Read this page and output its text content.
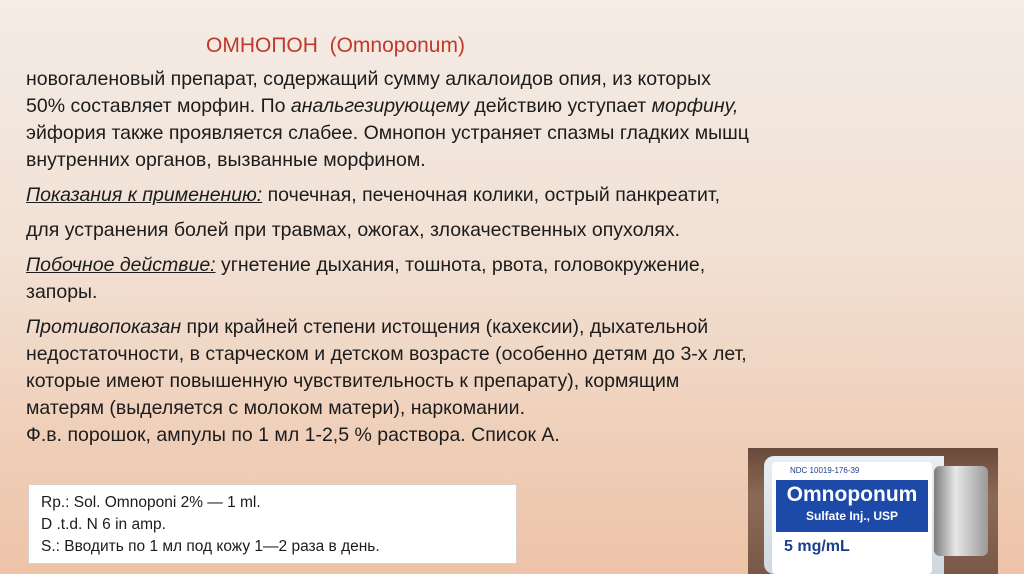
ОМНОПОН  (Omnoponum)
новогаленовый препарат, содержащий сумму алкалоидов опия, из которых
50% составляет морфин. По анальгезирующему действию уступает морфину,
эйфория также проявляется слабее. Омнопон устраняет спазмы гладких мышц
внутренних органов, вызванные морфином.
Показания к применению: почечная, печеночная колики, острый панкреатит,
для устранения болей при травмах, ожогах, злокачественных опухолях.
Побочное действие: угнетение дыхания, тошнота, рвота, головокружение,
запоры.
Противопоказан при крайней степени истощения (кахексии), дыхательной
недостаточности, в старческом и детском возрасте (особенно детям до 3-х лет,
которые имеют повышенную чувствительность к препарату), кормящим
матерям (выделяется с молоком матери), наркомании.
Ф.в. порошок, ампулы по 1 мл 1-2,5 % раствора. Список А.
Rp.: Sol. Omnoponi 2% — 1 ml.
D .t.d. N 6 in amp.
S.: Вводить по 1 мл под кожу 1—2 раза в день.
NDC 10019-176-39
Omnoponum
Sulfate Inj., USP
5 mg/mL
